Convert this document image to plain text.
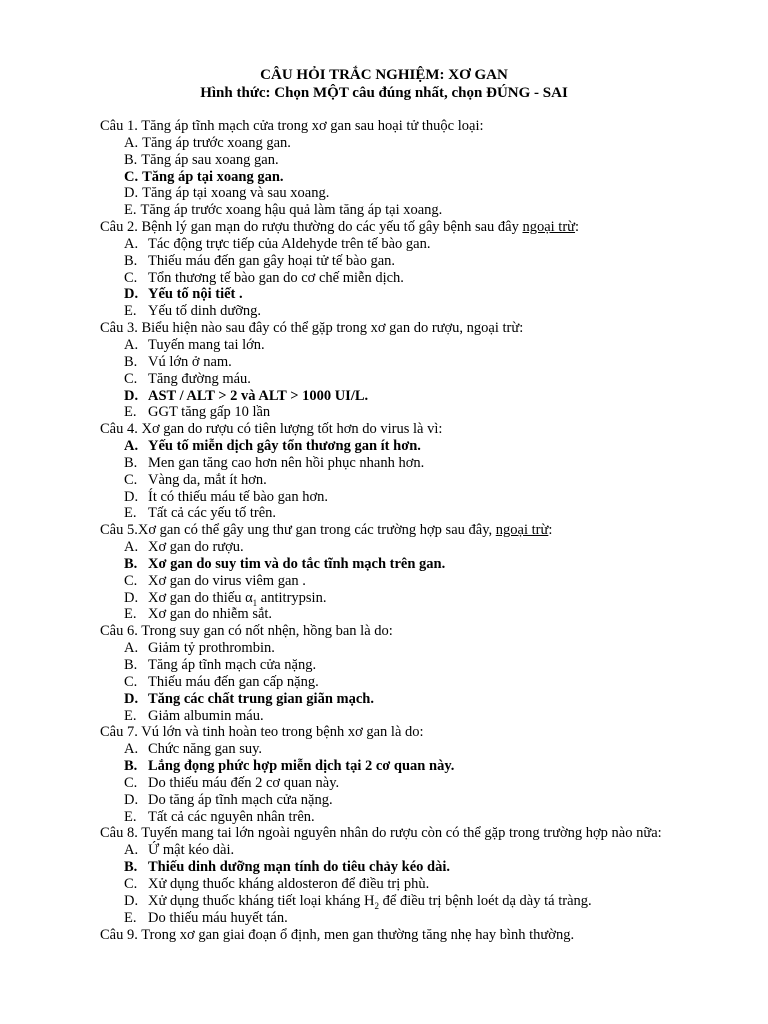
CÂU HỎI TRẮC NGHIỆM: XƠ GAN
Hình thức: Chọn MỘT câu đúng nhất, chọn ĐÚNG - SAI
Câu 1. Tăng áp tĩnh mạch cửa trong xơ gan sau hoại tử thuộc loại:
A. Tăng áp trước xoang gan.
B. Tăng áp sau xoang gan.
C. Tăng áp tại xoang gan.
D. Tăng áp tại xoang và sau xoang.
E. Tăng áp trước xoang hậu quả làm tăng áp tại xoang.
Câu 2. Bệnh lý gan mạn do rượu thường do các yếu tố gây bệnh sau đây ngoại trừ:
A. Tác động trực tiếp của Aldehyde trên tế bào gan.
B. Thiếu máu đến gan gây hoại tử tế bào gan.
C. Tổn thương tế bào gan do cơ chế miễn dịch.
D. Yếu tố nội tiết .
E. Yếu tố dinh dưỡng.
Câu 3. Biểu hiện nào sau đây có thể gặp trong xơ gan do rượu, ngoại trừ:
A. Tuyến mang tai lớn.
B. Vú lớn ở nam.
C. Tăng đường máu.
D. AST / ALT > 2 và ALT > 1000 UI/L.
E. GGT tăng gấp 10 lần
Câu 4. Xơ gan do rượu có tiên lượng tốt hơn do virus là vì:
A. Yếu tố miễn dịch gây tổn thương gan ít hơn.
B. Men gan tăng cao hơn nên hồi phục nhanh hơn.
C. Vàng da, mắt ít hơn.
D. Ít có thiếu máu tế bào gan hơn.
E. Tất cả các yếu tố trên.
Câu 5.Xơ gan có thể gây ung thư gan trong các trường hợp sau đây, ngoại trừ:
A. Xơ gan do rượu.
B. Xơ gan do suy tim và do tắc tĩnh mạch trên gan.
C. Xơ gan do virus viêm gan .
D. Xơ gan do thiếu $\alpha_1$ antitrypsin.
E. Xơ gan do nhiễm sắt.
Câu 6. Trong suy gan có nốt nhện, hồng ban là do:
A. Giảm tỷ prothrombin.
B. Tăng áp tĩnh mạch cửa nặng.
C. Thiếu máu đến gan cấp nặng.
D. Tăng các chất trung gian giãn mạch.
E. Giảm albumin máu.
Câu 7. Vú lớn và tinh hoàn teo trong bệnh xơ gan là do:
A. Chức năng gan suy.
B. Lắng đọng phức hợp miễn dịch tại 2 cơ quan này.
C. Do thiếu máu đến 2 cơ quan này.
D. Do tăng áp tĩnh mạch cửa nặng.
E. Tất cả các nguyên nhân trên.
Câu 8. Tuyến mang tai lớn ngoài nguyên nhân do rượu còn có thể gặp trong trường hợp nào nữa:
A. Ứ mật kéo dài.
B. Thiếu dinh dưỡng mạn tính do tiêu chảy kéo dài.
C. Xử dụng thuốc kháng aldosteron để điều trị phù.
D. Xử dụng thuốc kháng tiết loại kháng $H_2$ để điều trị bệnh loét dạ dày tá tràng.
E. Do thiếu máu huyết tán.
Câu 9. Trong xơ gan giai đoạn ổ định, men gan thường tăng nhẹ hay bình thường.
